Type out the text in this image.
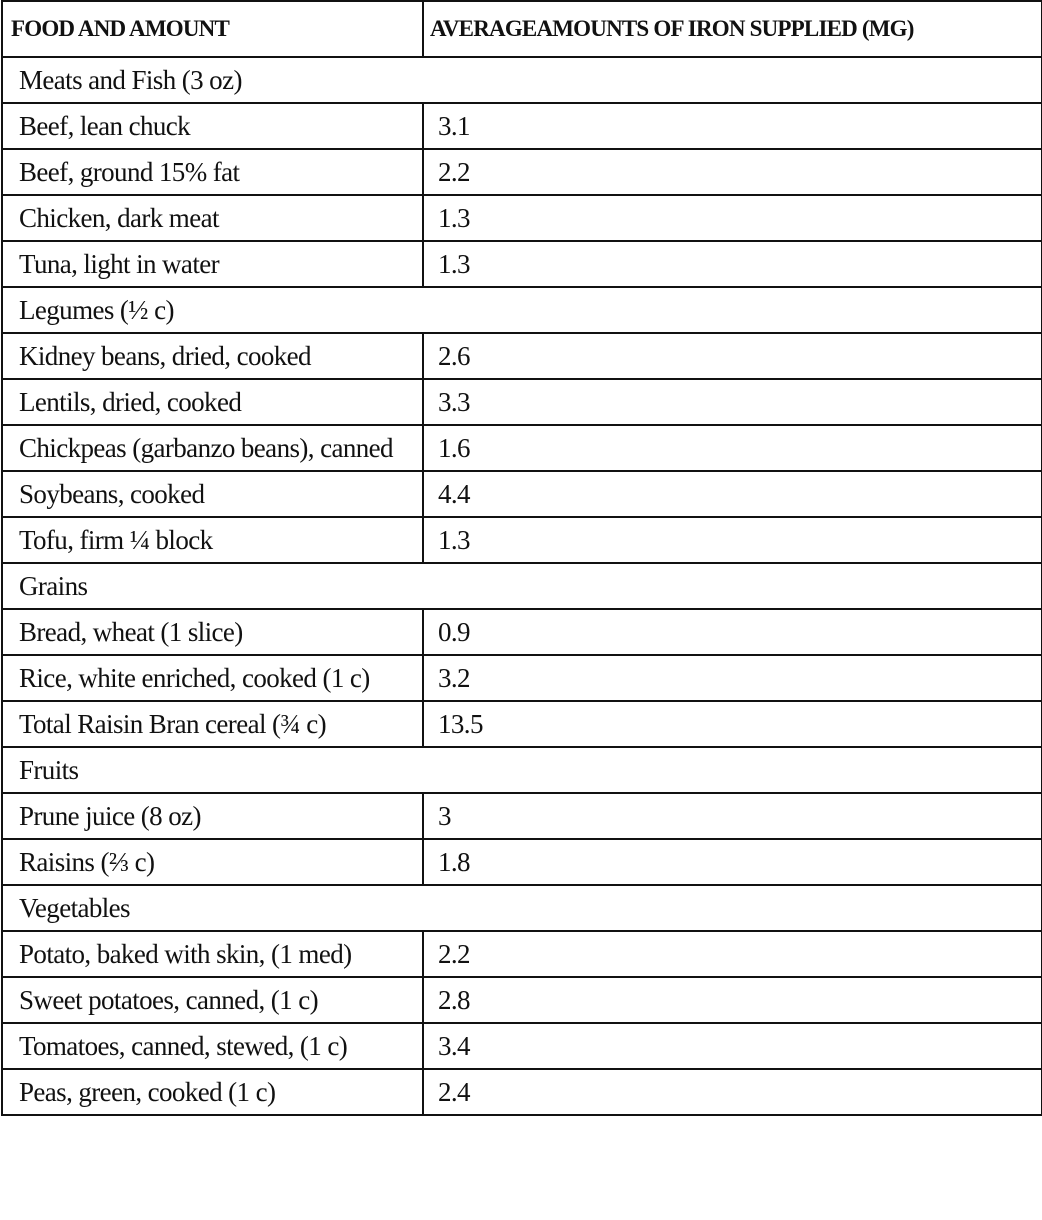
FOOD AND AMOUNT	AVERAGEAMOUNTS OF IRON SUPPLIED (MG)
Meats and Fish (3 oz)	
Beef, lean chuck	3.1
Beef, ground 15% fat	2.2
Chicken, dark meat	1.3
Tuna, light in water	1.3
Legumes (½ c)	
Kidney beans, dried, cooked	2.6
Lentils, dried, cooked	3.3
Chickpeas (garbanzo beans), canned	1.6
Soybeans, cooked	4.4
Tofu, firm ¼ block	1.3
Grains	
Bread, wheat (1 slice)	0.9
Rice, white enriched, cooked (1 c)	3.2
Total Raisin Bran cereal (¾ c)	13.5
Fruits	
Prune juice (8 oz)	3
Raisins (⅔ c)	1.8
Vegetables	
Potato, baked with skin, (1 med)	2.2
Sweet potatoes, canned, (1 c)	2.8
Tomatoes, canned, stewed, (1 c)	3.4
Peas, green, cooked (1 c)	2.4
